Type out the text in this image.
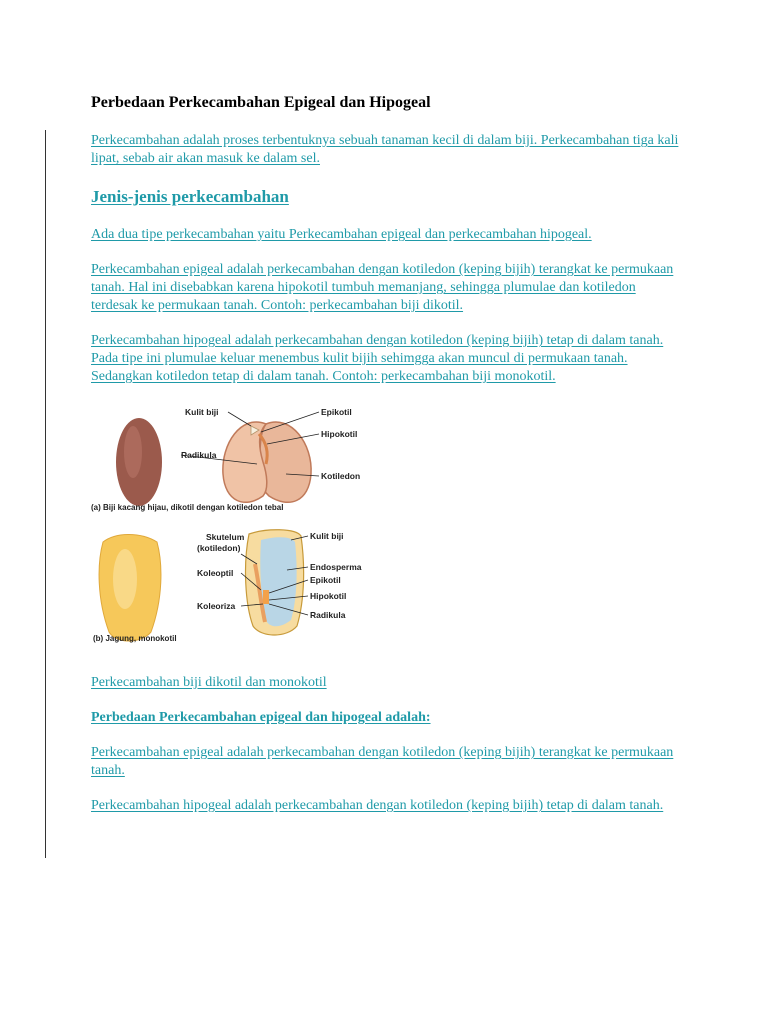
Perbedaan Perkecambahan Epigeal dan Hipogeal

Perkecambahan adalah proses terbentuknya sebuah tanaman kecil di dalam biji. Perkecambahan tiga kali lipat, sebab air akan masuk ke dalam sel.

Jenis-jenis perkecambahan

Ada dua tipe perkecambahan yaitu Perkecambahan epigeal dan perkecambahan hipogeal.

Perkecambahan epigeal adalah perkecambahan dengan kotiledon (keping bijih) terangkat ke permukaan tanah. Hal ini disebabkan karena hipokotil tumbuh memanjang, sehingga plumulae dan kotiledon terdesak ke permukaan tanah. Contoh: perkecambahan biji dikotil.

Perkecambahan hipogeal adalah perkecambahan dengan kotiledon (keping bijih) tetap di dalam tanah. Pada tipe ini plumulae keluar menembus kulit bijih sehimgga akan muncul di permukaan tanah. Sedangkan kotiledon tetap di dalam tanah. Contoh: perkecambahan biji monokotil.

Kulit biji	Epikotil
Hipokotil
Radikula
Kotiledon
(a) Biji kacang hijau, dikotil dengan kotiledon tebal
Skutelum
(kotiledon)
Kulit biji
Endosperma
Koleoptil
Epikotil
Hipokotil
Koleoriza
Radikula
(b) Jagung, monokotil

Perkecambahan biji dikotil dan monokotil

Perbedaan Perkecambahan epigeal dan hipogeal adalah:

Perkecambahan epigeal adalah perkecambahan dengan kotiledon (keping bijih) terangkat ke permukaan tanah.

Perkecambahan hipogeal adalah perkecambahan dengan kotiledon (keping bijih) tetap di dalam tanah.
